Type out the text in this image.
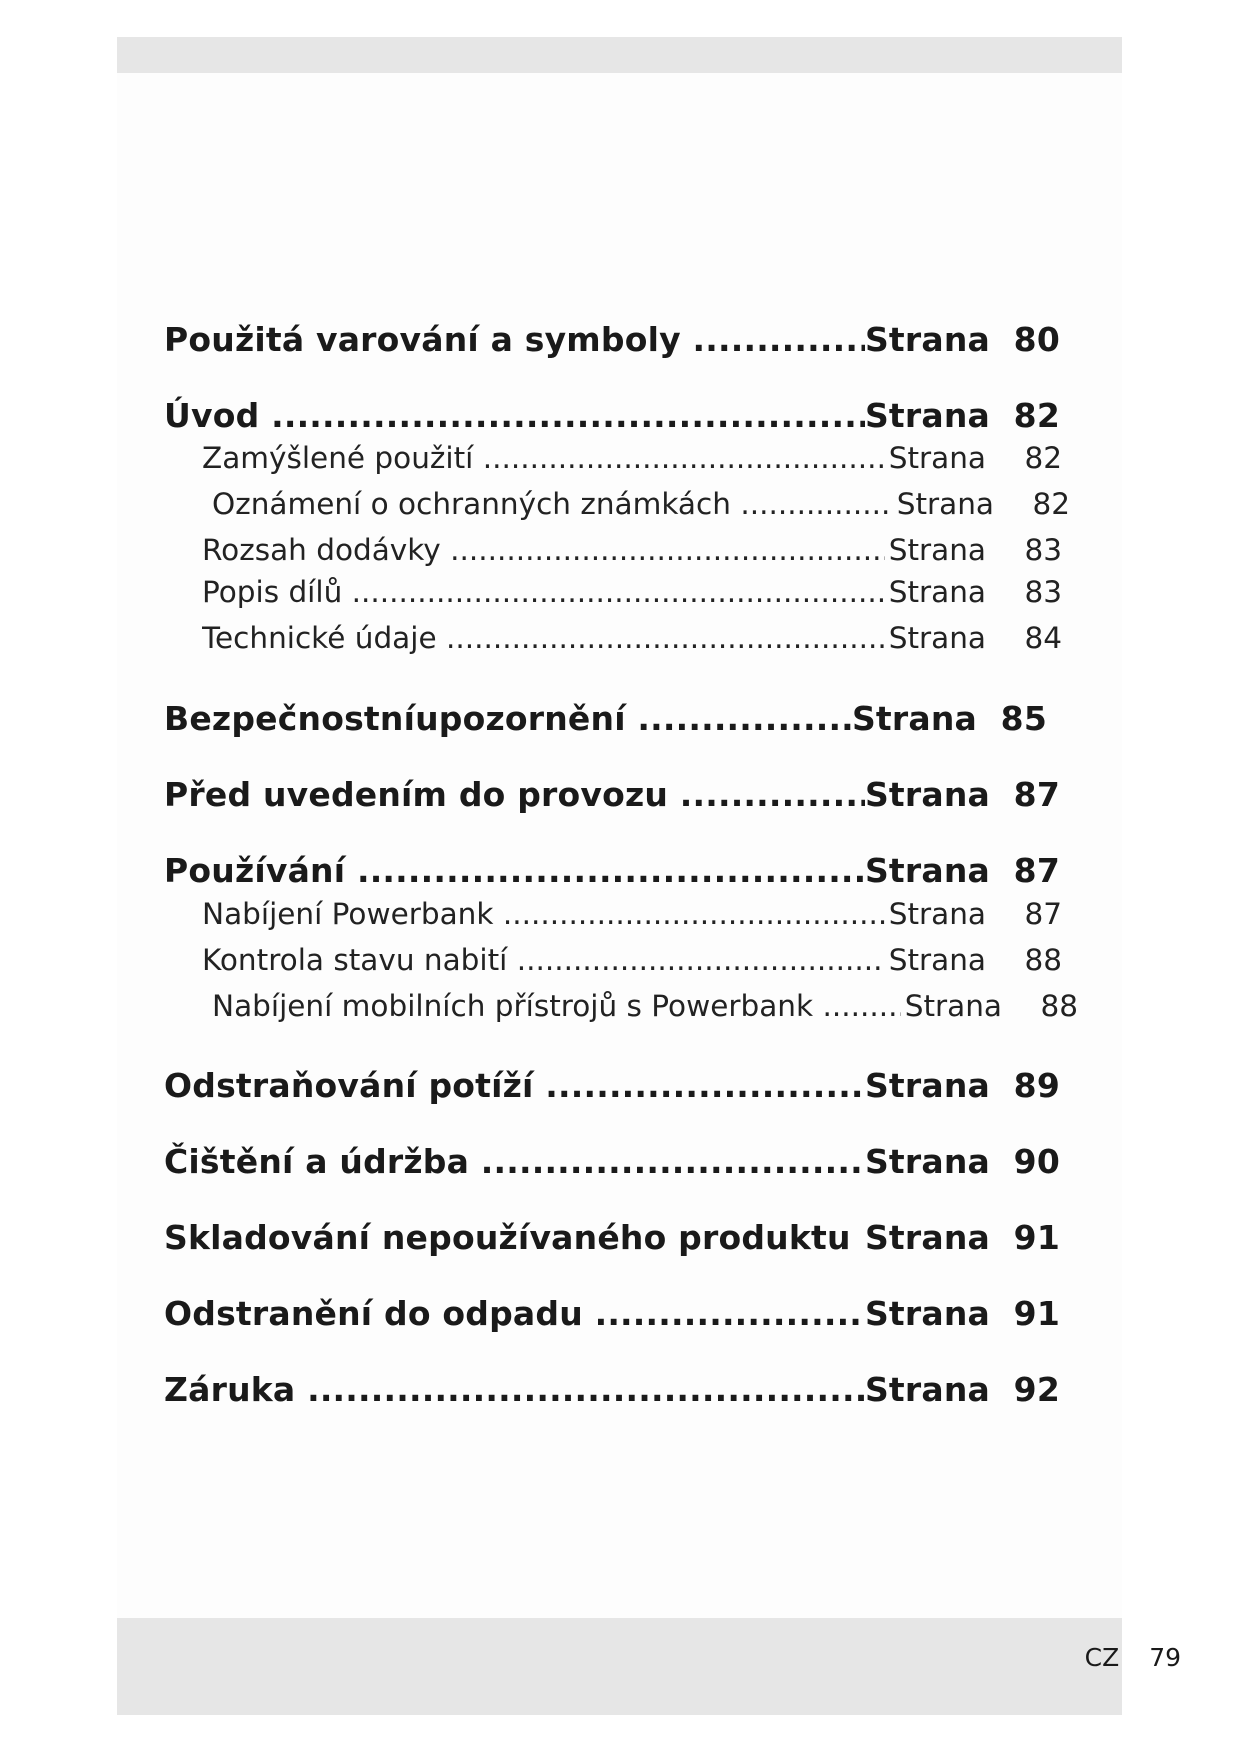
Použitá varování a symboly .....	Strana 80
Úvod .....	Strana 82
Zamýšlené použití .....	Strana	82
Oznámení o ochranných známkách .....	Strana	82
Rozsah dodávky .....	Strana	83
Popis dílů .....	Strana	83
Technické údaje .....	Strana	84
Bezpečnostníupozornění .....	Strana 85
Před uvedením do provozu .....	Strana 87
Používání .....	Strana 87
Nabíjení Powerbank .....	Strana	87
Kontrola stavu nabití .....	Strana	88
Nabíjení mobilních přístrojů s Powerbank .....	Strana	88
Odstraňování potíží .....	Strana 89
Čištění a údržba .....	Strana 90
Skladování nepoužívaného produktu ..... Strana 91
Odstranění do odpadu .....	Strana 91
Záruka .....	Strana 92
CZ 79
